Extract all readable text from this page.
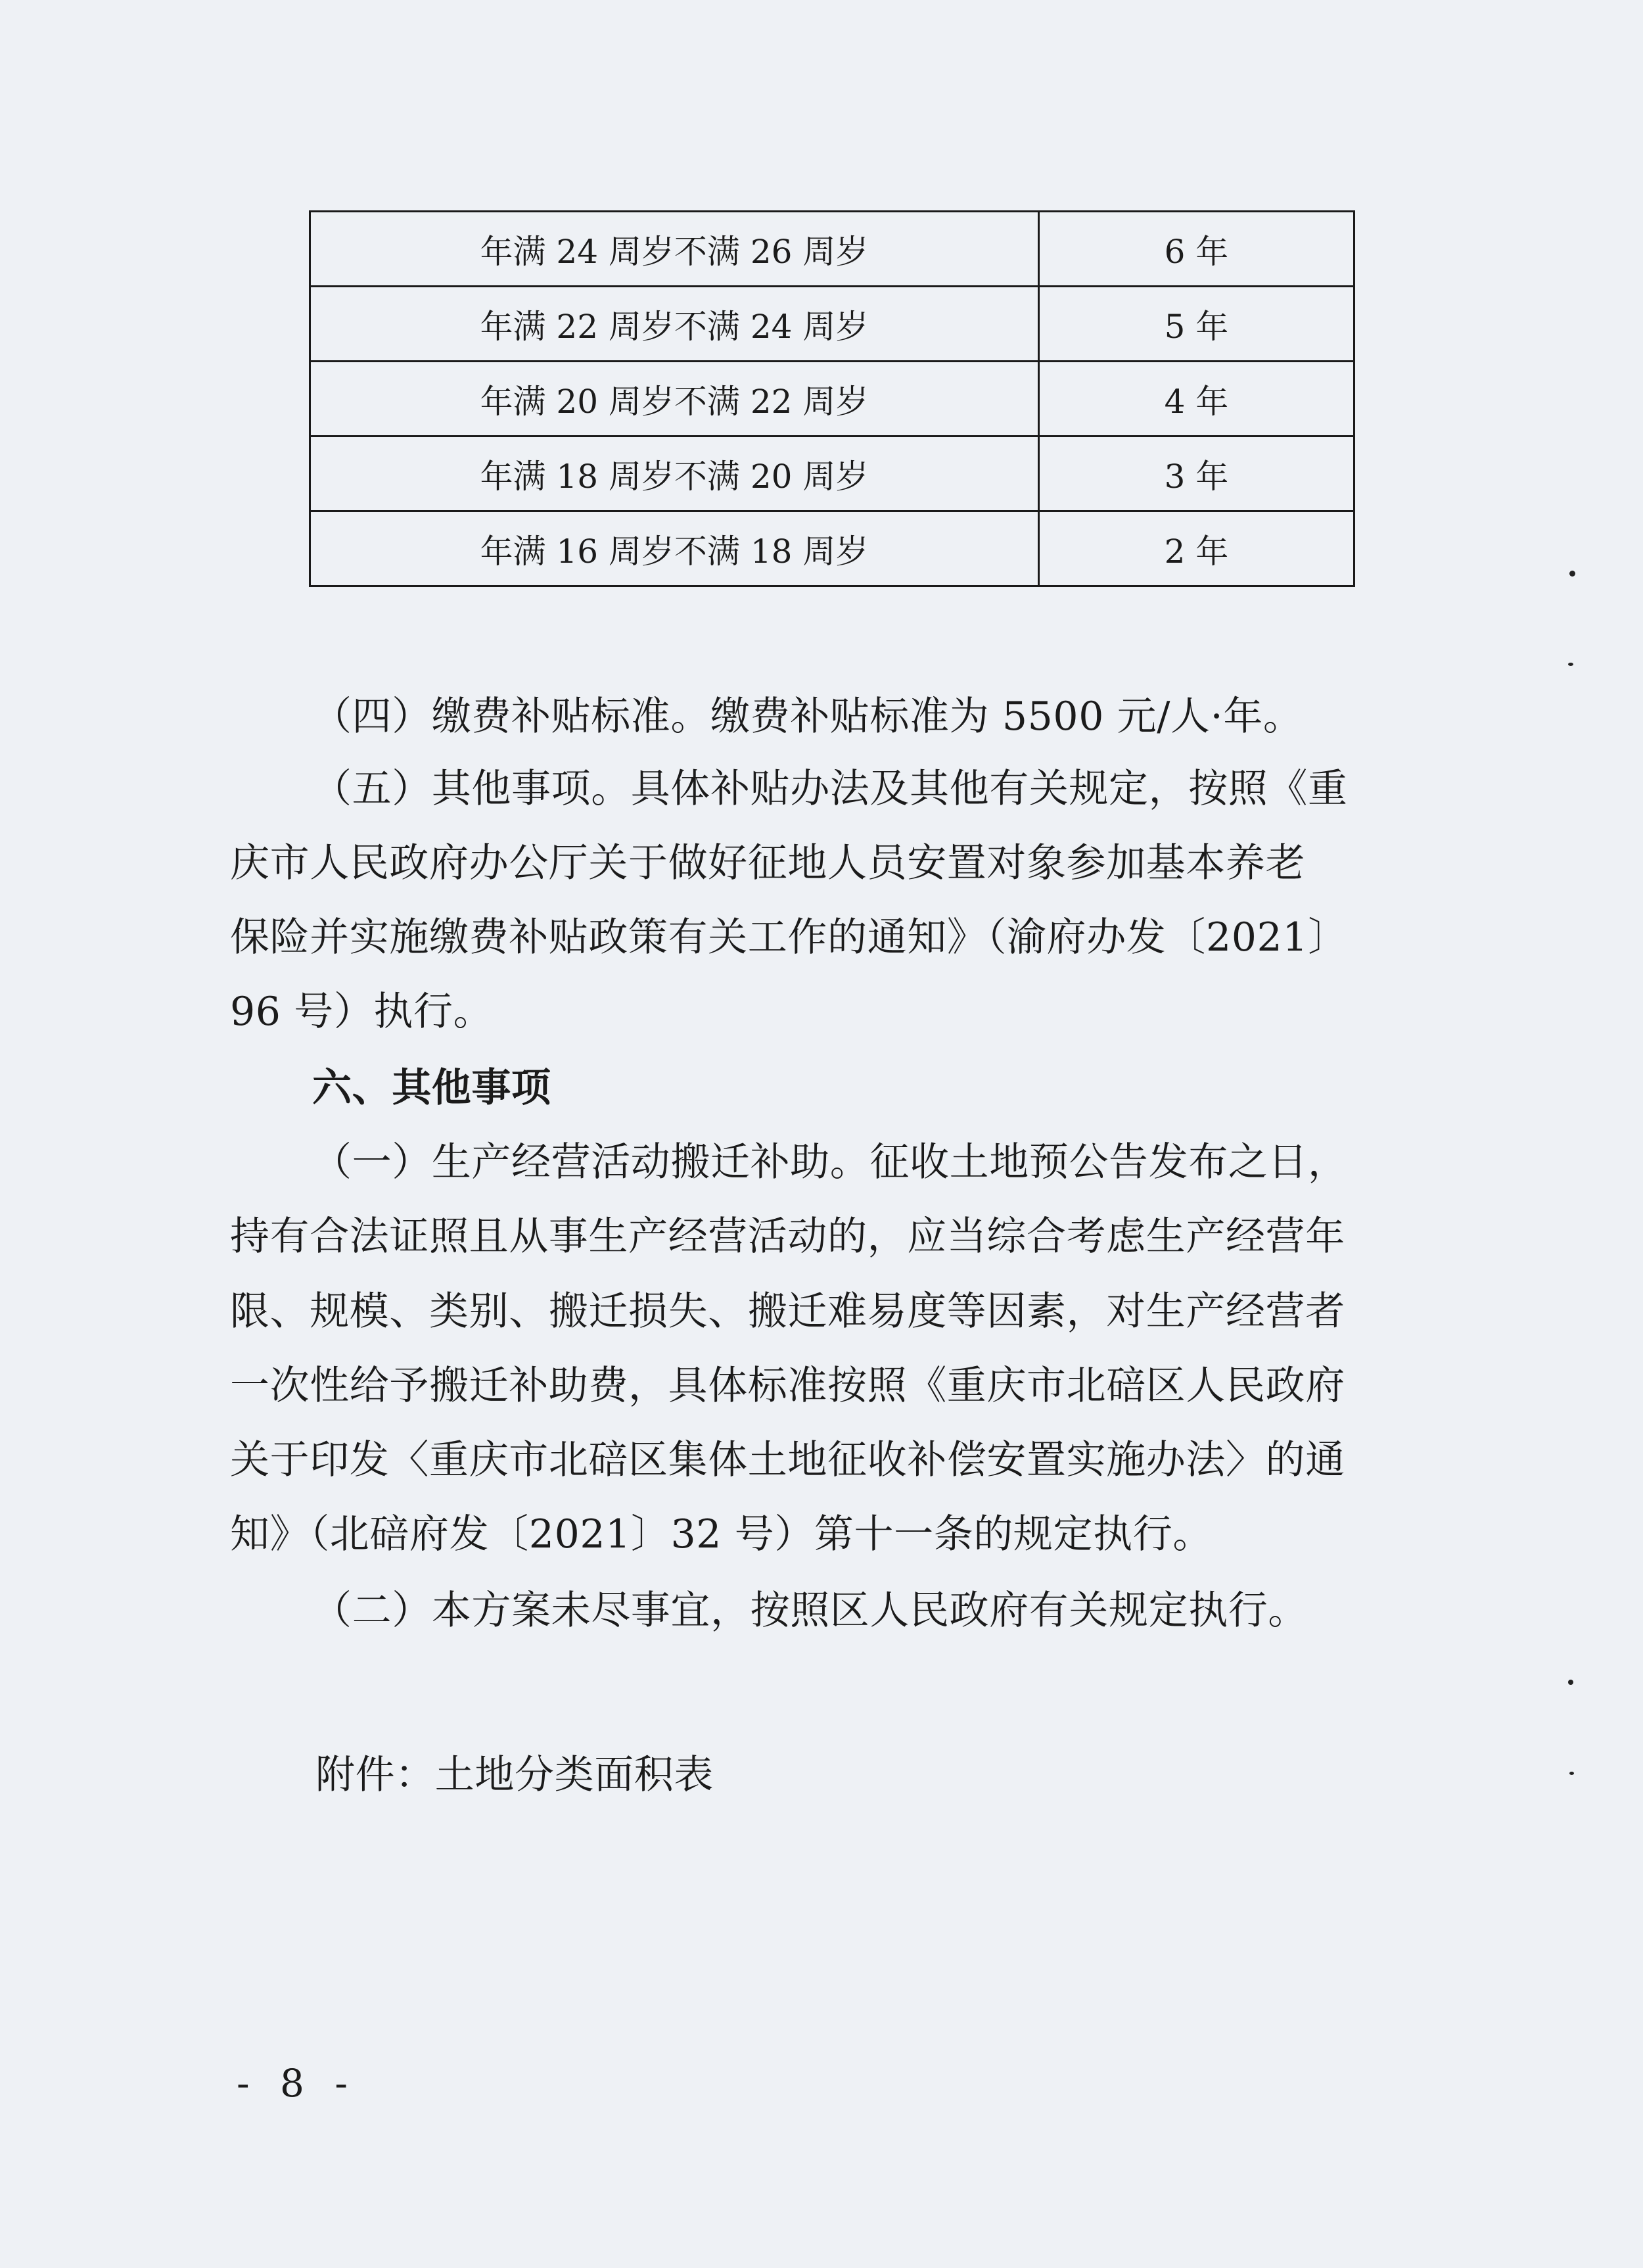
年满 24 周岁不满 26 周岁	6 年
年满 22 周岁不满 24 周岁	5 年
年满 20 周岁不满 22 周岁	4 年
年满 18 周岁不满 20 周岁	3 年
年满 16 周岁不满 18 周岁	2 年
（四）缴费补贴标准。缴费补贴标准为 5500 元/人·年。
（五）其他事项。具体补贴办法及其他有关规定，按照《重
庆市人民政府办公厅关于做好征地人员安置对象参加基本养老
保险并实施缴费补贴政策有关工作的通知》（渝府办发〔2021〕
96 号）执行。
六、其他事项
（一）生产经营活动搬迁补助。征收土地预公告发布之日，
持有合法证照且从事生产经营活动的，应当综合考虑生产经营年
限、规模、类别、搬迁损失、搬迁难易度等因素，对生产经营者
一次性给予搬迁补助费，具体标准按照《重庆市北碚区人民政府
关于印发〈重庆市北碚区集体土地征收补偿安置实施办法〉的通
知》（北碚府发〔2021〕32 号）第十一条的规定执行。
（二）本方案未尽事宜，按照区人民政府有关规定执行。
附件：土地分类面积表
- 8 -
